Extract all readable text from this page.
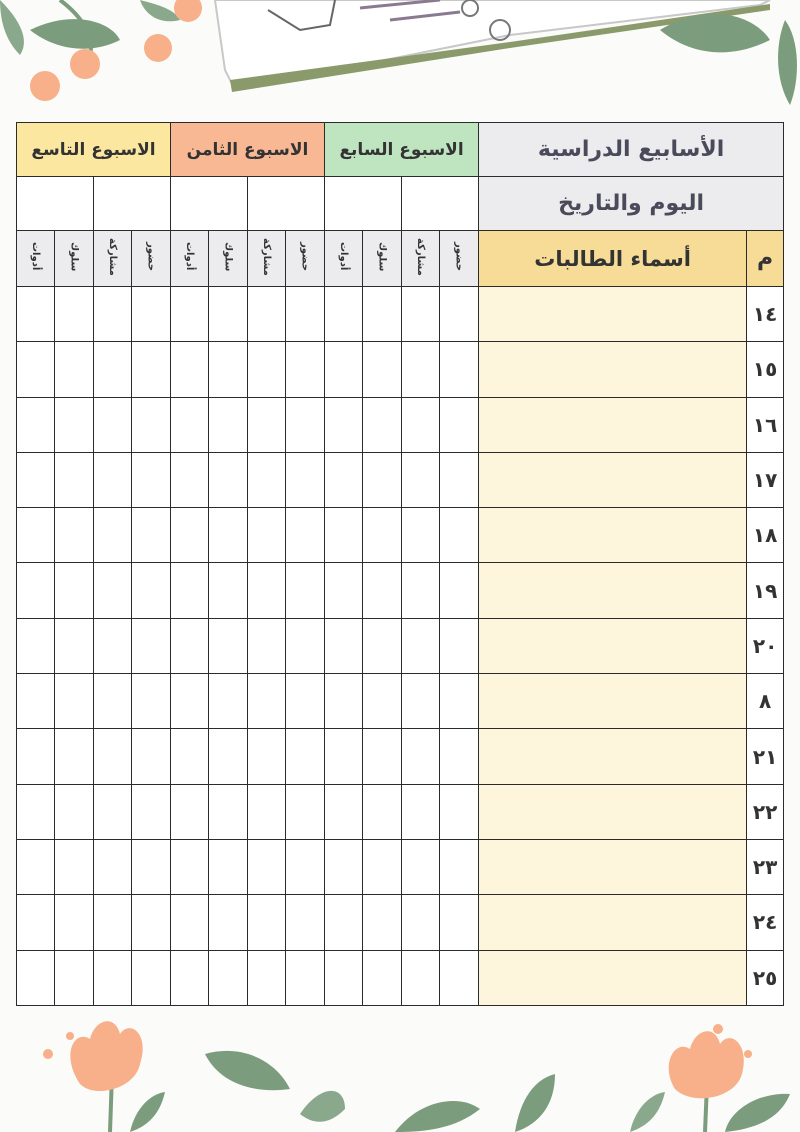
الأسابيع الدراسية		الاسبوع السابع				الاسبوع الثامن				الاسبوع التاسع			
اليوم والتاريخ													
م	أسماء الطالبات	حضور	مشاركة	سلوك	أدوات	حضور	مشاركة	سلوك	أدوات	حضور	مشاركة	سلوك	أدوات
١٤													
١٥													
١٦													
١٧													
١٨													
١٩													
٢٠													
٨													
٢١													
٢٢													
٢٣													
٢٤													
٢٥													
